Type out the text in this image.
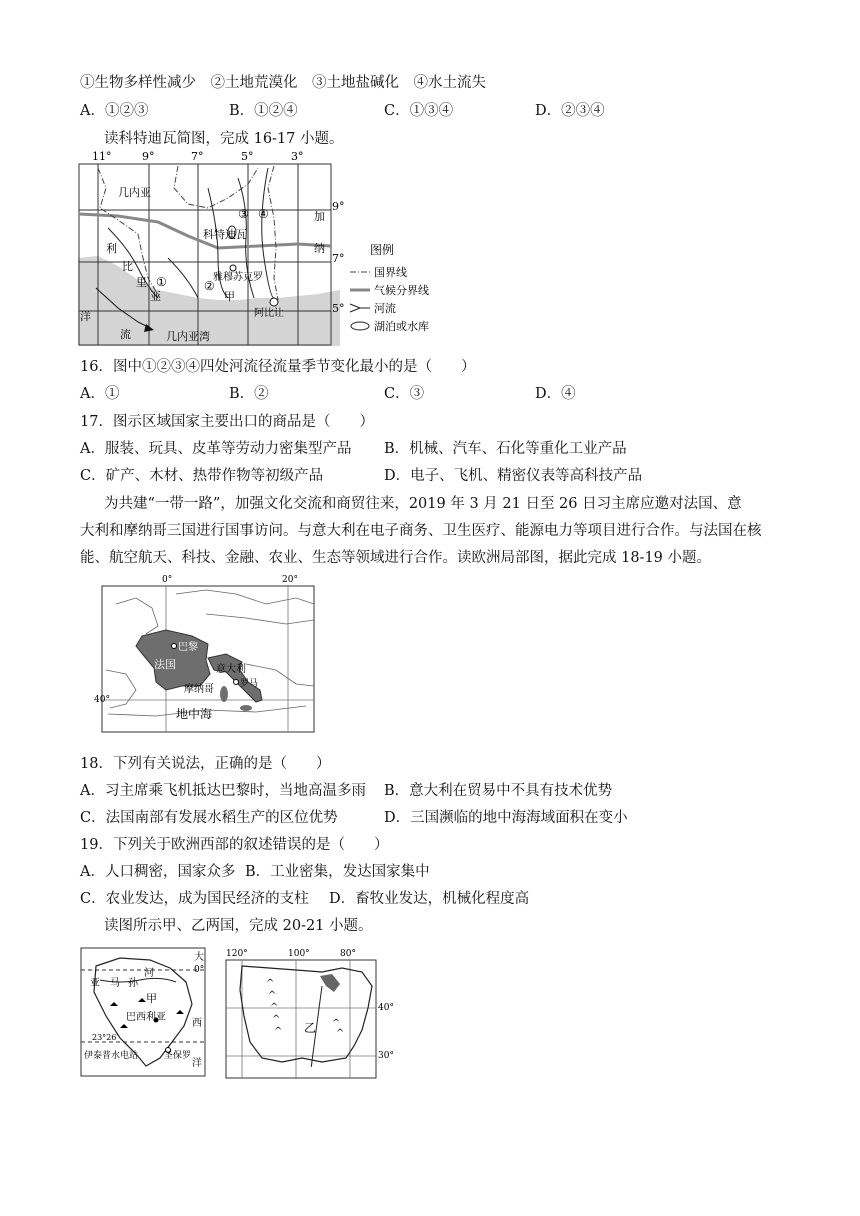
①生物多样性减少　②土地荒漠化　③土地盐碱化　④水土流失
A．①②③	B．①②④	C．①③④	D．②③④
读科特迪瓦简图，完成 16-17 小题。
11°	9°	7°	5°	3°
9°
7°
5°
几内亚
科特迪瓦
加
纳
利
比
里
亚	甲
雅穆苏克罗
阿比让
洋
流	几内亚湾
①	②
③ ④
图例
国界线
气候分界线
河流
湖泊或水库
16．图中①②③④四处河流径流量季节变化最小的是（　　）
A．①	B．②	C．③	D．④
17．图示区域国家主要出口的商品是（　　）
A．服装、玩具、皮革等劳动力密集型产品 B．机械、汽车、石化等重化工业产品
C．矿产、木材、热带作物等初级产品	D．电子、飞机、精密仪表等高科技产品
为共建“一带一路”，加强文化交流和商贸往来，2019 年 3 月 21 日至 26 日习主席应邀对法国、意
大利和摩纳哥三国进行国事访问。与意大利在电子商务、卫生医疗、能源电力等项目进行合作。与法国在核
能、航空航天、科技、金融、农业、生态等领域进行合作。读欧洲局部图，据此完成 18-19 小题。
0°	20°
40°
巴黎
法国	意大利
摩纳哥	罗马
地中海
18．下列有关说法，正确的是（　　）
A．习主席乘飞机抵达巴黎时，当地高温多雨 B．意大利在贸易中不具有技术优势
C．法国南部有发展水稻生产的区位优势	D．三国濒临的地中海海域面积在变小
19．下列关于欧洲西部的叙述错误的是（　　）
A．人口稠密，国家众多 B．工业密集，发达国家集中
C．农业发达，成为国民经济的支柱 D．畜牧业发达，机械化程度高
读图所示甲、乙两国，完成 20-21 小题。
大
0°
亚 马 孙
河
甲
巴西利亚
西
23°26′
伊泰普水电站	圣保罗
洋
^
^
^
^
^
^
^
120°	100°	80°
40°
30°
乙
